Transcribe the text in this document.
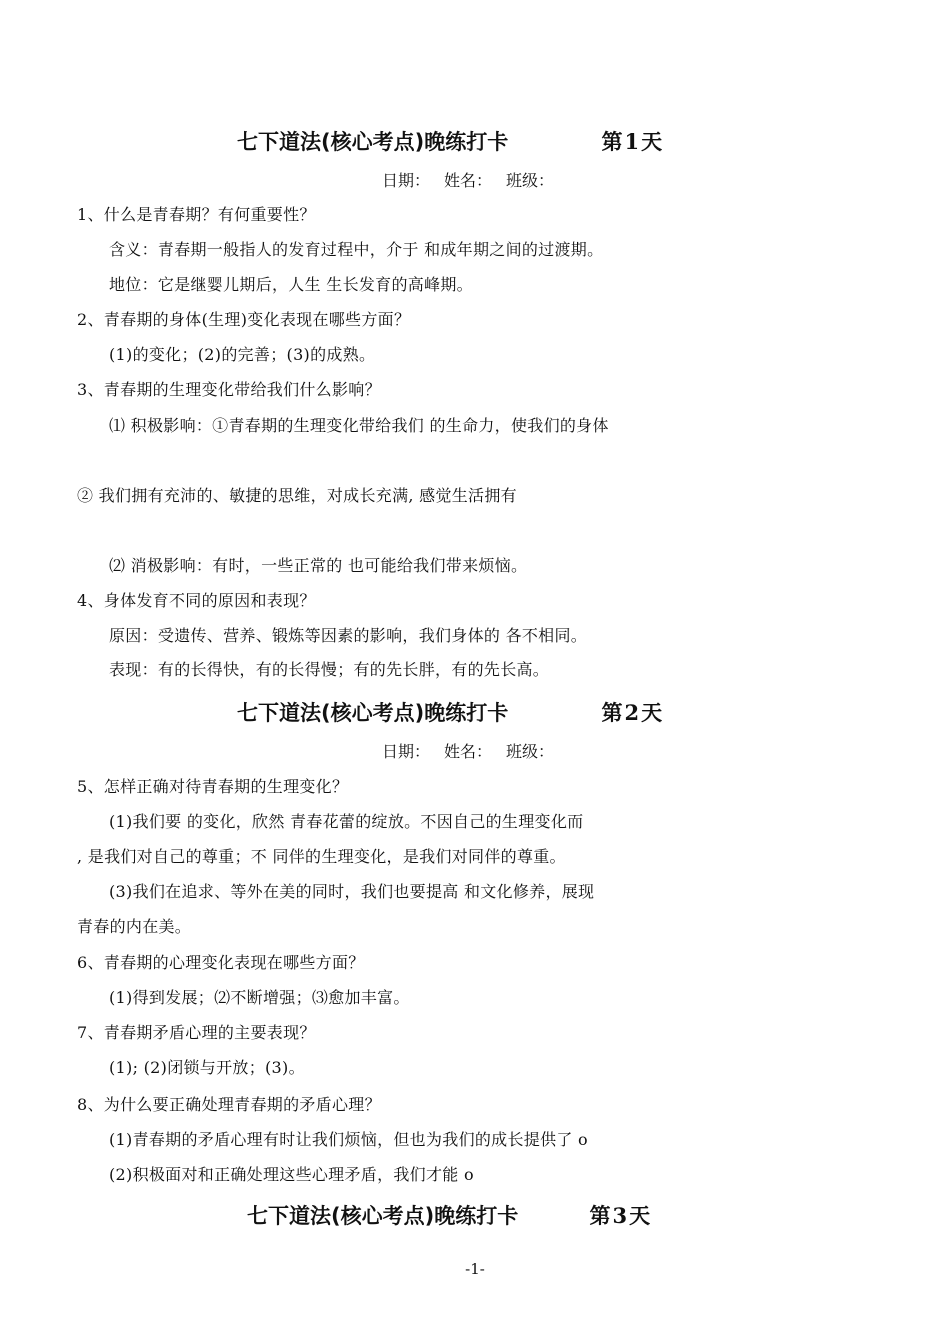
七下道法(核心考点)晚练打卡	第1天
日期： 姓名： 班级：
1、什么是青春期？有何重要性？
含义：青春期一般指人的发育过程中，介于 和成年期之间的过渡期。
地位：它是继婴儿期后，人生 生长发育的高峰期。
2、青春期的身体(生理)变化表现在哪些方面？
(1)的变化；(2)的完善；(3)的成熟。
3、青春期的生理变化带给我们什么影响？
⑴ 积极影响：①青春期的生理变化带给我们 的生命力，使我们的身体
② 我们拥有充沛的、敏捷的思维，对成长充满, 感觉生活拥有
⑵ 消极影响：有时，一些正常的 也可能给我们带来烦恼。
4、身体发育不同的原因和表现？
原因：受遗传、营养、锻炼等因素的影响，我们身体的 各不相同。
表现：有的长得快，有的长得慢；有的先长胖，有的先长高。
七下道法(核心考点)晚练打卡	第2天
日期： 姓名： 班级：
5、怎样正确对待青春期的生理变化？
(1)我们要 的变化，欣然 青春花蕾的绽放。不因自己的生理变化而
, 是我们对自己的尊重；不 同伴的生理变化，是我们对同伴的尊重。
(3)我们在追求、等外在美的同时，我们也要提高 和文化修养，展现
青春的内在美。
6、青春期的心理变化表现在哪些方面？
(1)得到发展；⑵不断增强；⑶愈加丰富。
7、青春期矛盾心理的主要表现？
(1); (2)闭锁与开放；(3)。
8、为什么要正确处理青春期的矛盾心理？
(1)青春期的矛盾心理有时让我们烦恼，但也为我们的成长提供了 o
(2)积极面对和正确处理这些心理矛盾，我们才能 o
七下道法(核心考点)晚练打卡	第3天
-1-
